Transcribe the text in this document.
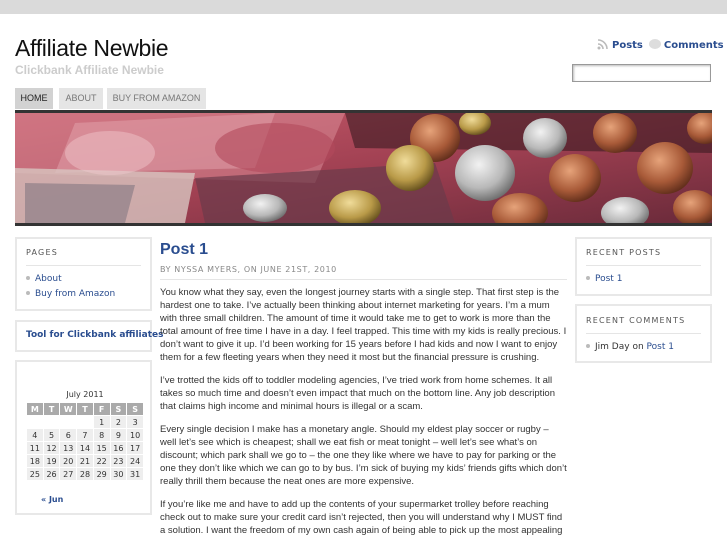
Affiliate Newbie
Clickbank Affiliate Newbie
Posts Comments
HOME	ABOUT	BUY FROM AMAZON
PAGES
About
Buy from Amazon
Tool for Clickbank affiliates
July 2011
M	T	W	T	F	S	S
				1	2	3
4	5	6	7	8	9	10
11	12	13	14	15	16	17
18	19	20	21	22	23	24
25	26	27	28	29	30	31
« Jun
Post 1
BY NYSSA MYERS, ON JUNE 21ST, 2010

You know what they say, even the longest journey starts with a single step. That first step is the hardest one to take. I’ve actually been thinking about internet marketing for years. I’m a mum with three small children. The amount of time it would take me to get to work is more than the total amount of free time I have in a day. I feel trapped. This time with my kids is really precious. I don’t want to give it up. I’d been working for 15 years before I had kids and now I want to enjoy them for a few fleeting years when they need it most but the financial pressure is crushing.

I’ve trotted the kids off to toddler modeling agencies, I’ve tried work from home schemes. It all takes so much time and doesn’t even impact that much on the bottom line. Any job description that claims high income and minimal hours is illegal or a scam.

Every single decision I make has a monetary angle. Should my eldest play soccer or rugby – well let’s see which is cheapest; shall we eat fish or meat tonight – well let’s see what’s on discount; which park shall we go to – the one they like where we have to pay for parking or the one they don’t like which we can go to by bus. I’m sick of buying my kids’ friends gifts which don’t really thrill them because the neat ones are more expensive.

If you’re like me and have to add up the contents of your supermarket trolley before reaching check out to make sure your credit card isn’t rejected, then you will understand why I MUST find a solution. I want the freedom of my own cash again of being able to pick up the most appealing

RECENT POSTS
Post 1
RECENT COMMENTS
Jim Day on Post 1
